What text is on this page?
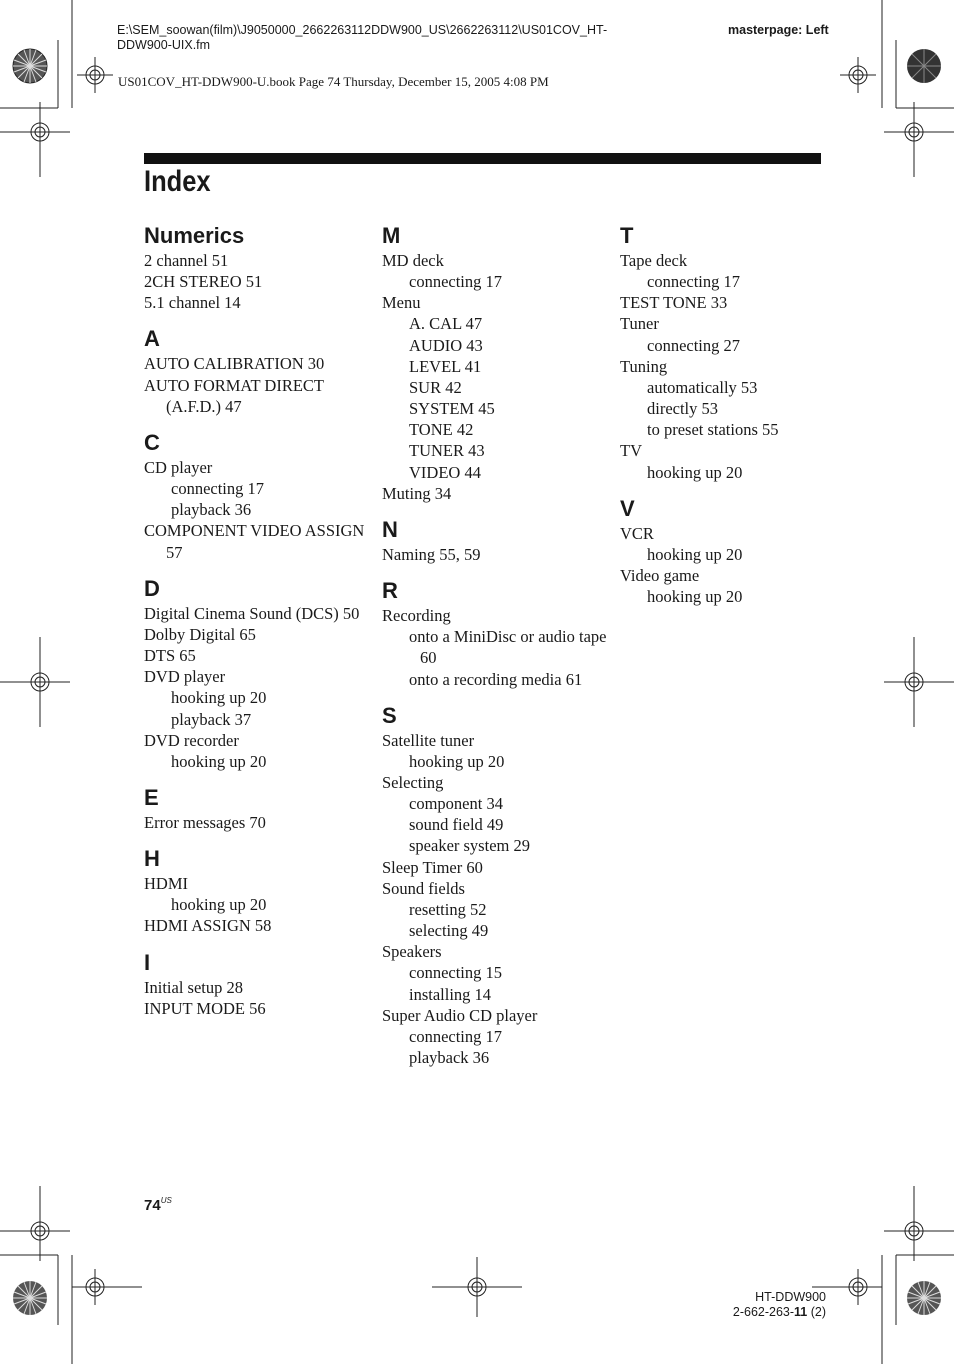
E:\SEM_soowan(film)\J9050000_2662263112DDW900_US\2662263112\US01COV_HT-DDW900-UIX.fm
masterpage: Left
US01COV_HT-DDW900-U.book Page 74 Thursday, December 15, 2005 4:08 PM
Index
Numerics
2 channel 51
2CH STEREO 51
5.1 channel 14
A
AUTO CALIBRATION 30
AUTO FORMAT DIRECT (A.F.D.) 47
C
CD player
connecting 17
playback 36
COMPONENT VIDEO ASSIGN 57
D
Digital Cinema Sound (DCS) 50
Dolby Digital 65
DTS 65
DVD player
hooking up 20
playback 37
DVD recorder
hooking up 20
E
Error messages 70
H
HDMI
hooking up 20
HDMI ASSIGN 58
I
Initial setup 28
INPUT MODE 56
M
MD deck
connecting 17
Menu
A. CAL 47
AUDIO 43
LEVEL 41
SUR 42
SYSTEM 45
TONE 42
TUNER 43
VIDEO 44
Muting 34
N
Naming 55, 59
R
Recording
onto a MiniDisc or audio tape 60
onto a recording media 61
S
Satellite tuner
hooking up 20
Selecting
component 34
sound field 49
speaker system 29
Sleep Timer 60
Sound fields
resetting 52
selecting 49
Speakers
connecting 15
installing 14
Super Audio CD player
connecting 17
playback 36
T
Tape deck
connecting 17
TEST TONE 33
Tuner
connecting 27
Tuning
automatically 53
directly 53
to preset stations 55
TV
hooking up 20
V
VCR
hooking up 20
Video game
hooking up 20
$74^{US}$
HT-DDW900
2-662-263-11 (2)
